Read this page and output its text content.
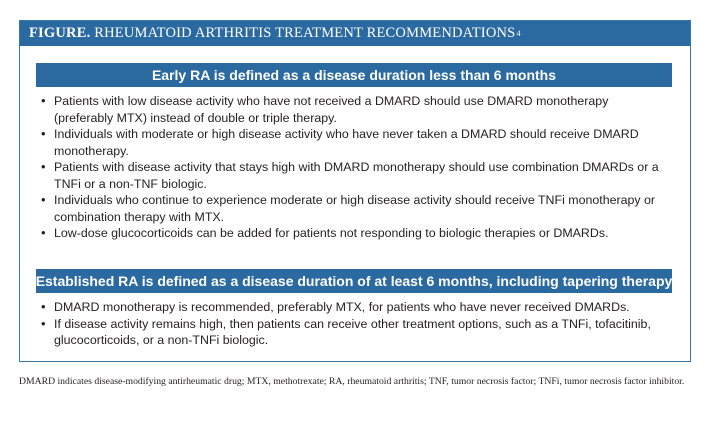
FIGURE. RHEUMATOID ARTHRITIS TREATMENT RECOMMENDATIONS 4
Early RA is defined as a disease duration less than 6 months
• Patients with low disease activity who have not received a DMARD should use DMARD monotherapy (preferably MTX) instead of double or triple therapy.
• Individuals with moderate or high disease activity who have never taken a DMARD should receive DMARD monotherapy.
• Patients with disease activity that stays high with DMARD monotherapy should use combination DMARDs or a TNFi or a non-TNF biologic.
• Individuals who continue to experience moderate or high disease activity should receive TNFi monotherapy or combination therapy with MTX.
• Low-dose glucocorticoids can be added for patients not responding to biologic therapies or DMARDs.
Established RA is defined as a disease duration of at least 6 months, including tapering therapy
• DMARD monotherapy is recommended, preferably MTX, for patients who have never received DMARDs.
• If disease activity remains high, then patients can receive other treatment options, such as a TNFi, tofacitinib, glucocorticoids, or a non-TNFi biologic.
DMARD indicates disease-modifying antirheumatic drug; MTX, methotrexate; RA, rheumatoid arthritis; TNF, tumor necrosis factor; TNFi, tumor necrosis factor inhibitor.
